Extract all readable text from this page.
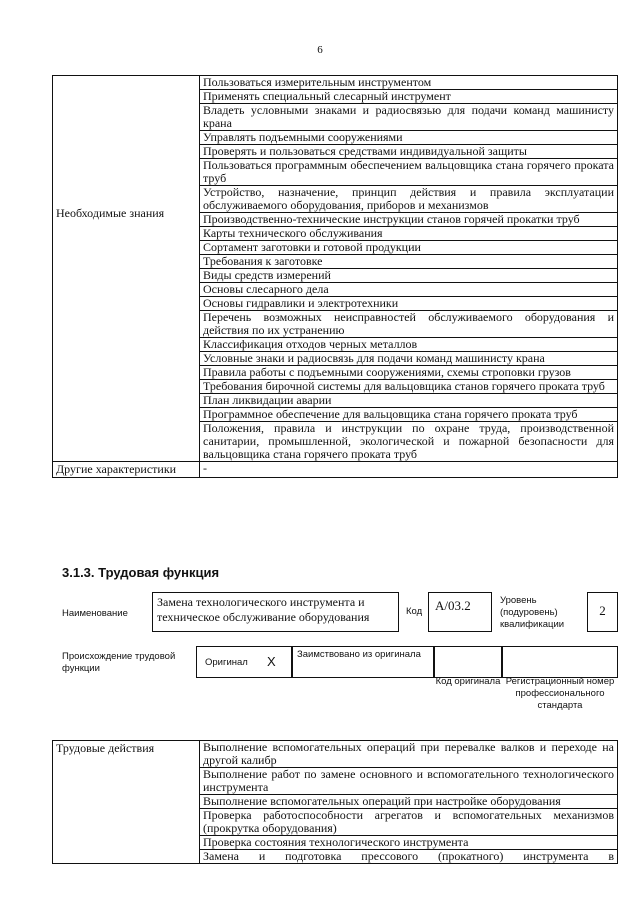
6
Необходимые знания	Пользоваться измерительным инструментом
	Применять специальный слесарный инструмент
	Владеть условными знаками и радиосвязью для подачи команд машинисту крана
	Управлять подъемными сооружениями
	Проверять и пользоваться средствами индивидуальной защиты
	Пользоваться программным обеспечением вальцовщика стана горячего проката труб
	Устройство, назначение, принцип действия и правила эксплуатации обслуживаемого оборудования, приборов и механизмов
	Производственно-технические инструкции станов горячей прокатки труб
	Карты технического обслуживания
	Сортамент заготовки и готовой продукции
	Требования к заготовке
	Виды средств измерений
	Основы слесарного дела
	Основы гидравлики и электротехники
	Перечень возможных неисправностей обслуживаемого оборудования и действия по их устранению
	Классификация отходов черных металлов
	Условные знаки и радиосвязь для подачи команд машинисту крана
	Правила работы с подъемными сооружениями, схемы строповки грузов
	Требования бирочной системы для вальцовщика станов горячего проката труб
	План ликвидации аварии
	Программное обеспечение для вальцовщика стана горячего проката труб
	Положения, правила и инструкции по охране труда, производственной санитарии, промышленной, экологической и пожарной безопасности для вальцовщика стана горячего проката труб
Другие характеристики	-
3.1.3. Трудовая функция
Наименование
Замена технологического инструмента и техническое обслуживание оборудования	Код A/03.2	Уровень (подуровень) квалификации
2
Происхождение трудовой функции
Оригинал X Заимствовано из оригинала
Код оригинала Регистрационный номер профессионального стандарта
Трудовые действия	Выполнение вспомогательных операций при перевалке валков и переходе на другой калибр
Выполнение работ по замене основного и вспомогательного технологического инструмента
Выполнение вспомогательных операций при настройке оборудования
Проверка работоспособности агрегатов и вспомогательных механизмов (прокрутка оборудования)
Проверка состояния технологического инструмента
Замена и подготовка прессового (прокатного) инструмента в
